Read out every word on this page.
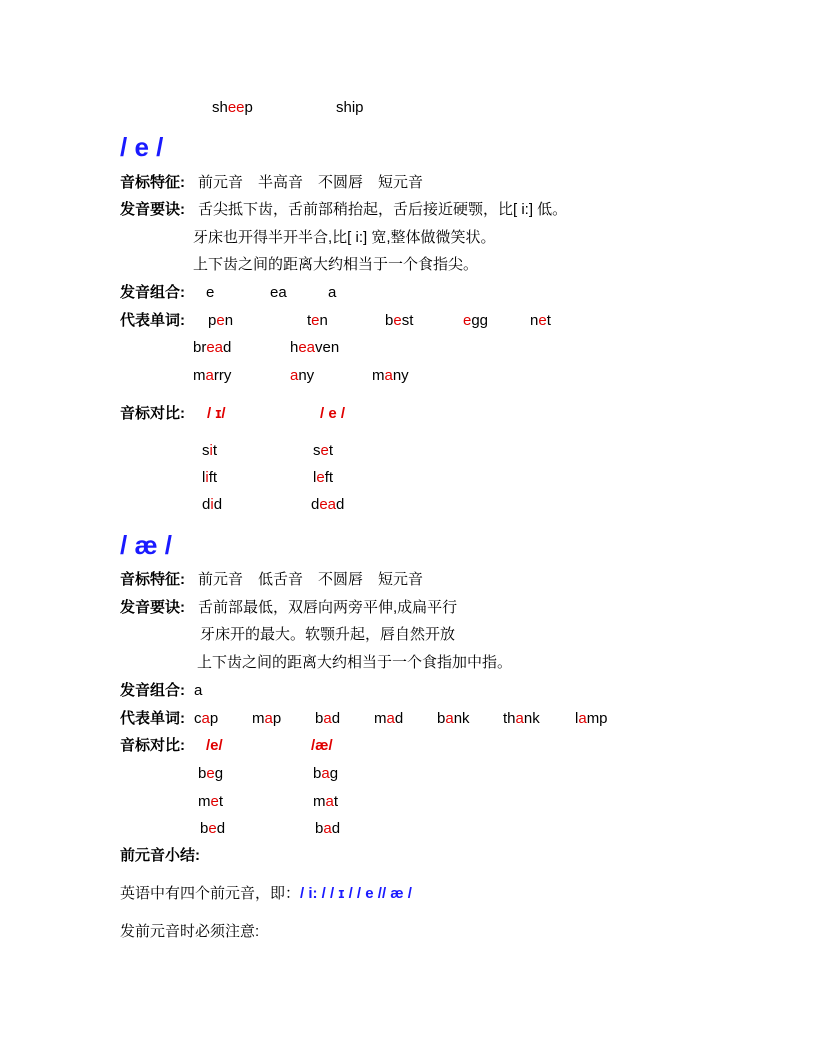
sheep	ship
/ e /
音标特征: 前元音　半高音　不圆唇　短元音
发音要诀: 舌尖抵下齿，舌前部稍抬起，舌后接近硬颚，比[ i:] 低。
牙床也开得半开半合,比[ i:] 宽,整体做微笑状。
上下齿之间的距离大约相当于一个食指尖。
发音组合: e	ea	a
代表单词: pen	ten	best	egg	net
bread	heaven
marry	any	many
音标对比: / ɪ/	/ e /
sit	set
lift	left
did	dead
/ æ /
音标特征: 前元音　低舌音　不圆唇　短元音
发音要诀: 舌前部最低，双唇向两旁平伸,成扁平行
牙床开的最大。软颚升起，唇自然开放
上下齿之间的距离大约相当于一个食指加中指。
发音组合: a
代表单词: cap map bad mad bank thank lamp
音标对比: /e/	/æ/
beg	bag
met	mat
bed	bad
前元音小结:
英语中有四个前元音，即：/ i: / / ɪ / / e // æ /
发前元音时必须注意:
